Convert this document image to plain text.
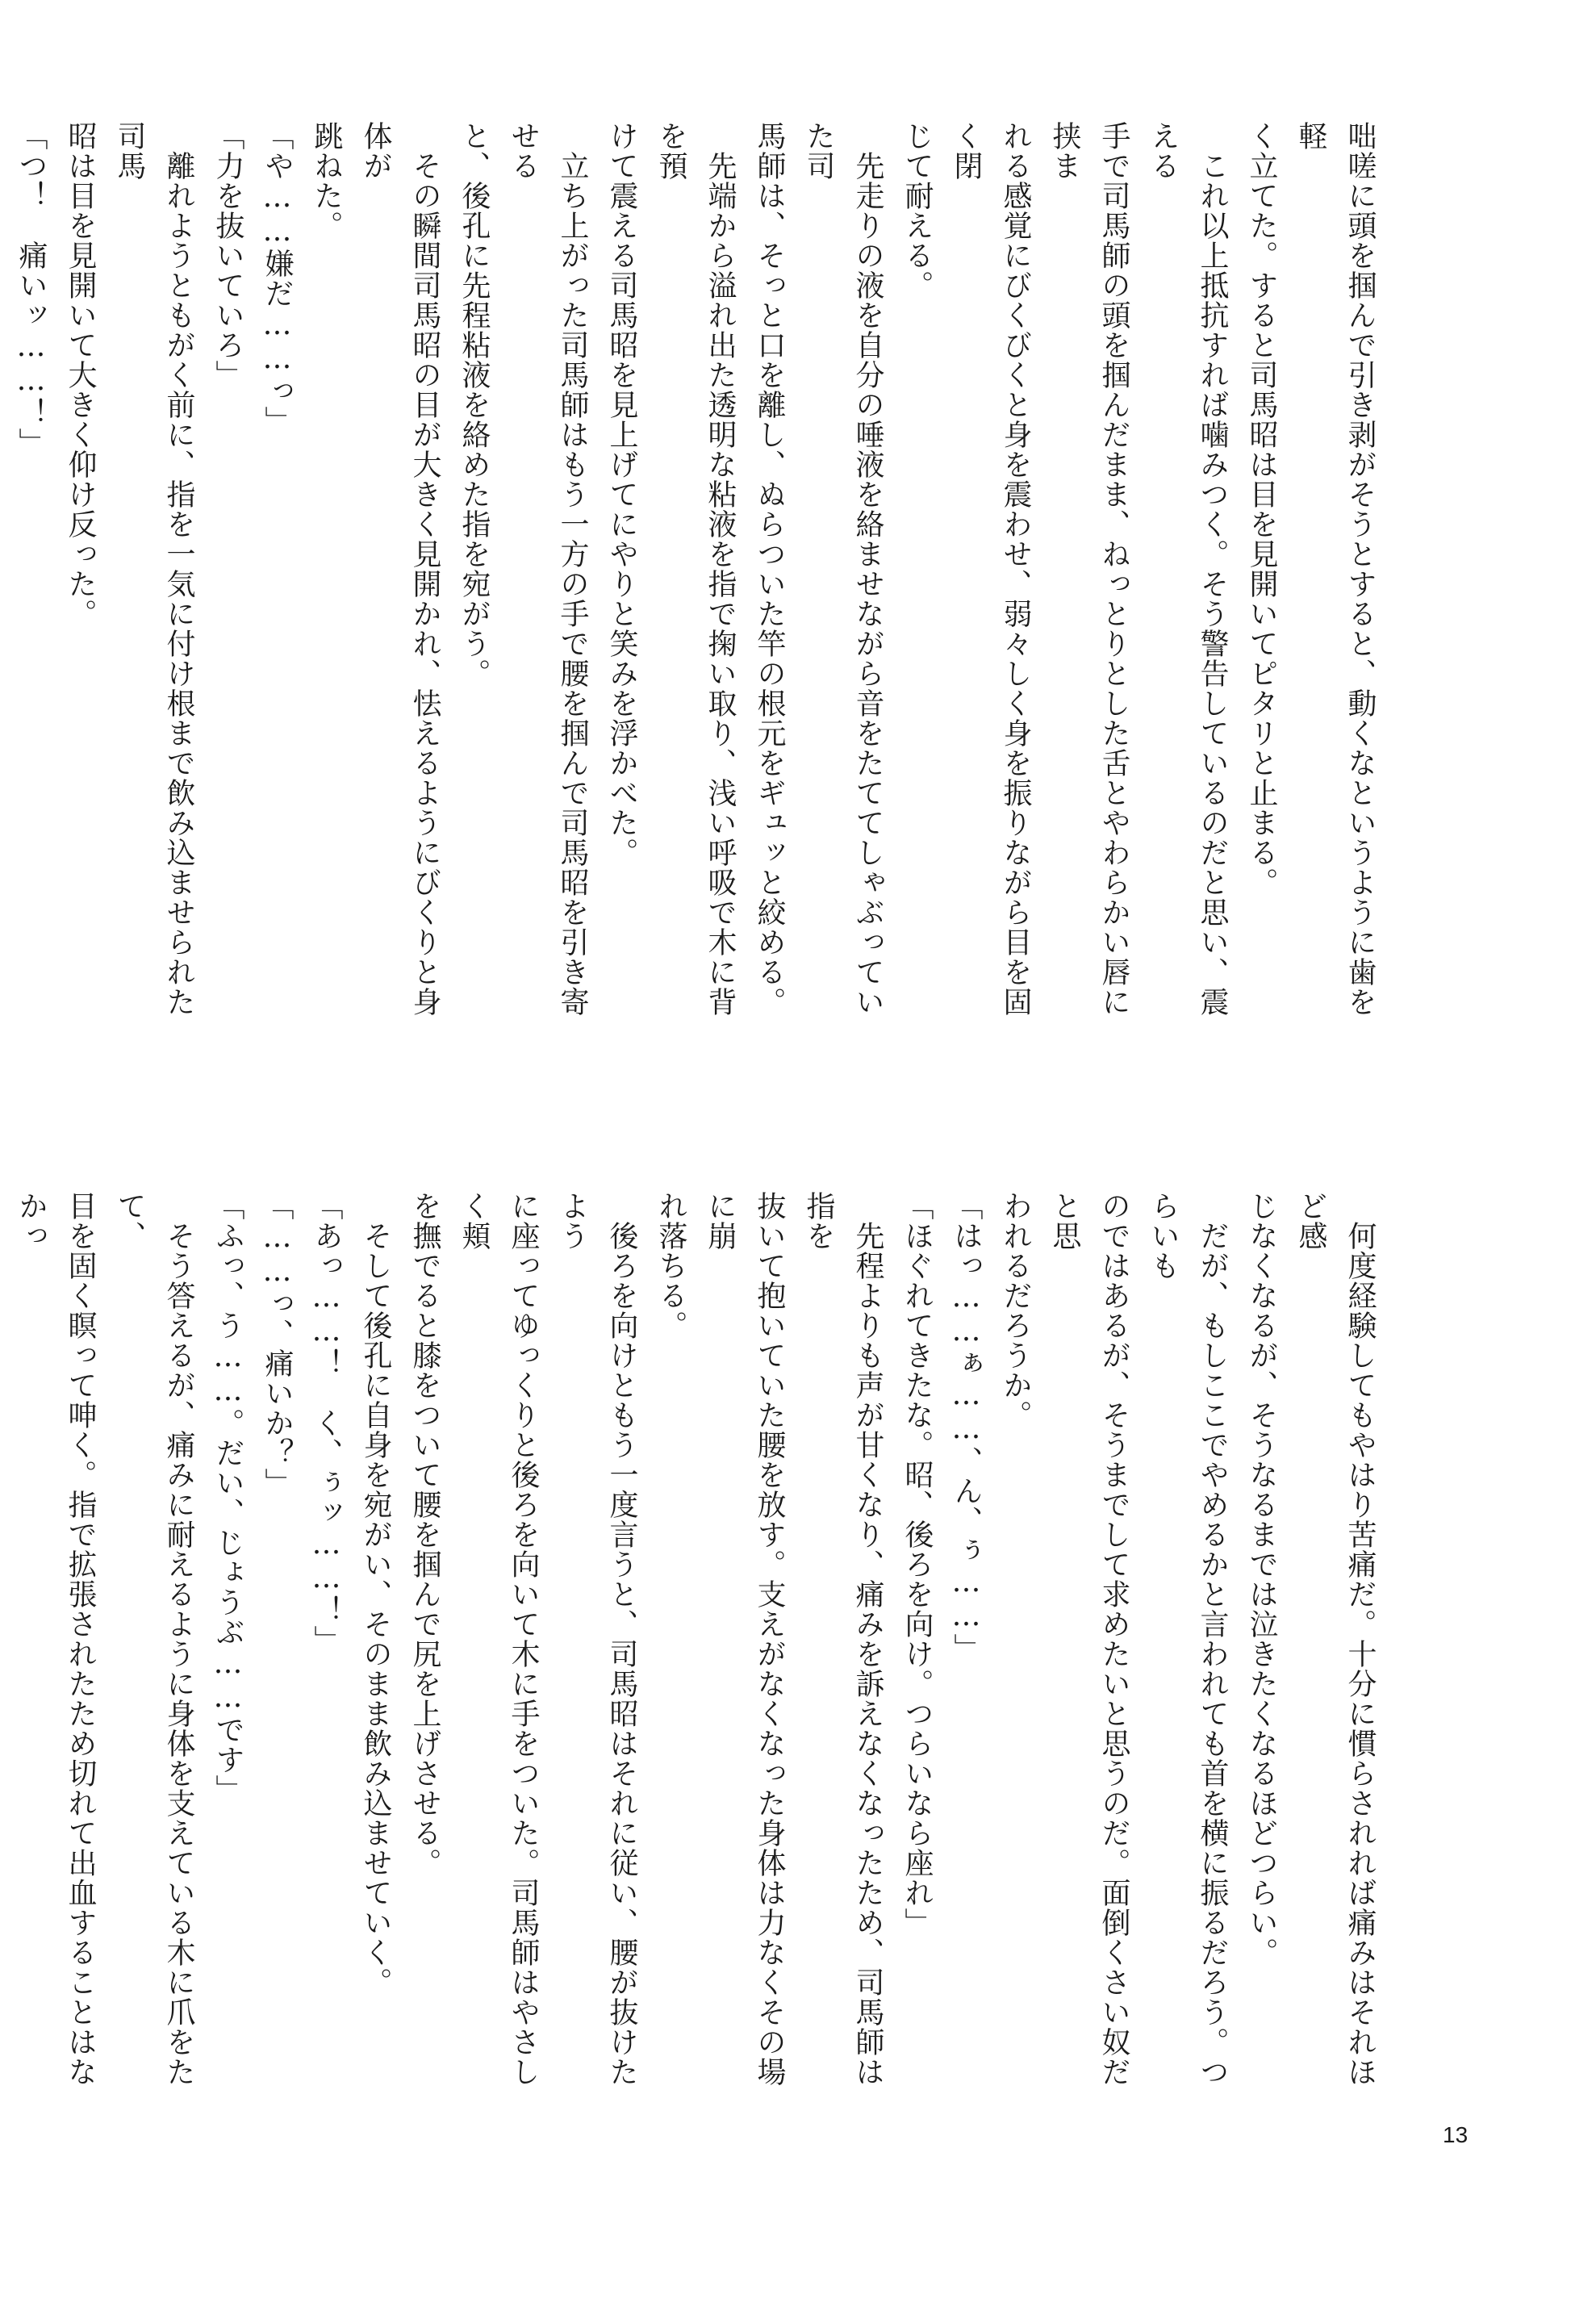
咄嗟に頭を掴んで引き剥がそうとすると、動くなというように歯を軽

く立てた。すると司馬昭は目を見開いてピタリと止まる。

　これ以上抵抗すれば噛みつく。そう警告しているのだと思い、震える

手で司馬師の頭を掴んだまま、ねっとりとした舌とやわらかい唇に挟ま

れる感覚にびくびくと身を震わせ、弱々しく身を振りながら目を固く閉

じて耐える。

　先走りの液を自分の唾液を絡ませながら音をたててしゃぶっていた司

馬師は、そっと口を離し、ぬらついた竿の根元をギュッと絞める。

　先端から溢れ出た透明な粘液を指で掬い取り、浅い呼吸で木に背を預

けて震える司馬昭を見上げてにやりと笑みを浮かべた。

　立ち上がった司馬師はもう一方の手で腰を掴んで司馬昭を引き寄せる

と、後孔に先程粘液を絡めた指を宛がう。

　その瞬間司馬昭の目が大きく見開かれ、怯えるようにびくりと身体が

跳ねた。

「や……嫌だ……っ」

「力を抜いていろ」

　離れようともがく前に、指を一気に付け根まで飲み込ませられた司馬

昭は目を見開いて大きく仰け反った。

「つ！　痛いッ……！」

　何度経験してもやはり苦痛だ。十分に慣らされれば痛みはそれほど感

じなくなるが、そうなるまでは泣きたくなるほどつらい。

　だが、もしここでやめるかと言われても首を横に振るだろう。つらいも

のではあるが、そうまでして求めたいと思うのだ。面倒くさい奴だと思

われるだろうか。

「はっ……ぁ……、ん、ぅ……」

「ほぐれてきたな。昭、後ろを向け。つらいなら座れ」

　先程よりも声が甘くなり、痛みを訴えなくなったため、司馬師は指を

抜いて抱いていた腰を放す。支えがなくなった身体は力なくその場に崩

れ落ちる。

　後ろを向けともう一度言うと、司馬昭はそれに従い、腰が抜けたよう

に座ってゆっくりと後ろを向いて木に手をついた。司馬師はやさしく頬

を撫でると膝をついて腰を掴んで尻を上げさせる。

　そして後孔に自身を宛がい、そのまま飲み込ませていく。

「あっ……！　く、ぅッ……！」

「……っ、痛いか？」

「ふっ、う……。だい、じょうぶ……です」

　そう答えるが、痛みに耐えるように身体を支えている木に爪をたて、

目を固く瞑って呻く。指で拡張されたため切れて出血することはなかっ

13
